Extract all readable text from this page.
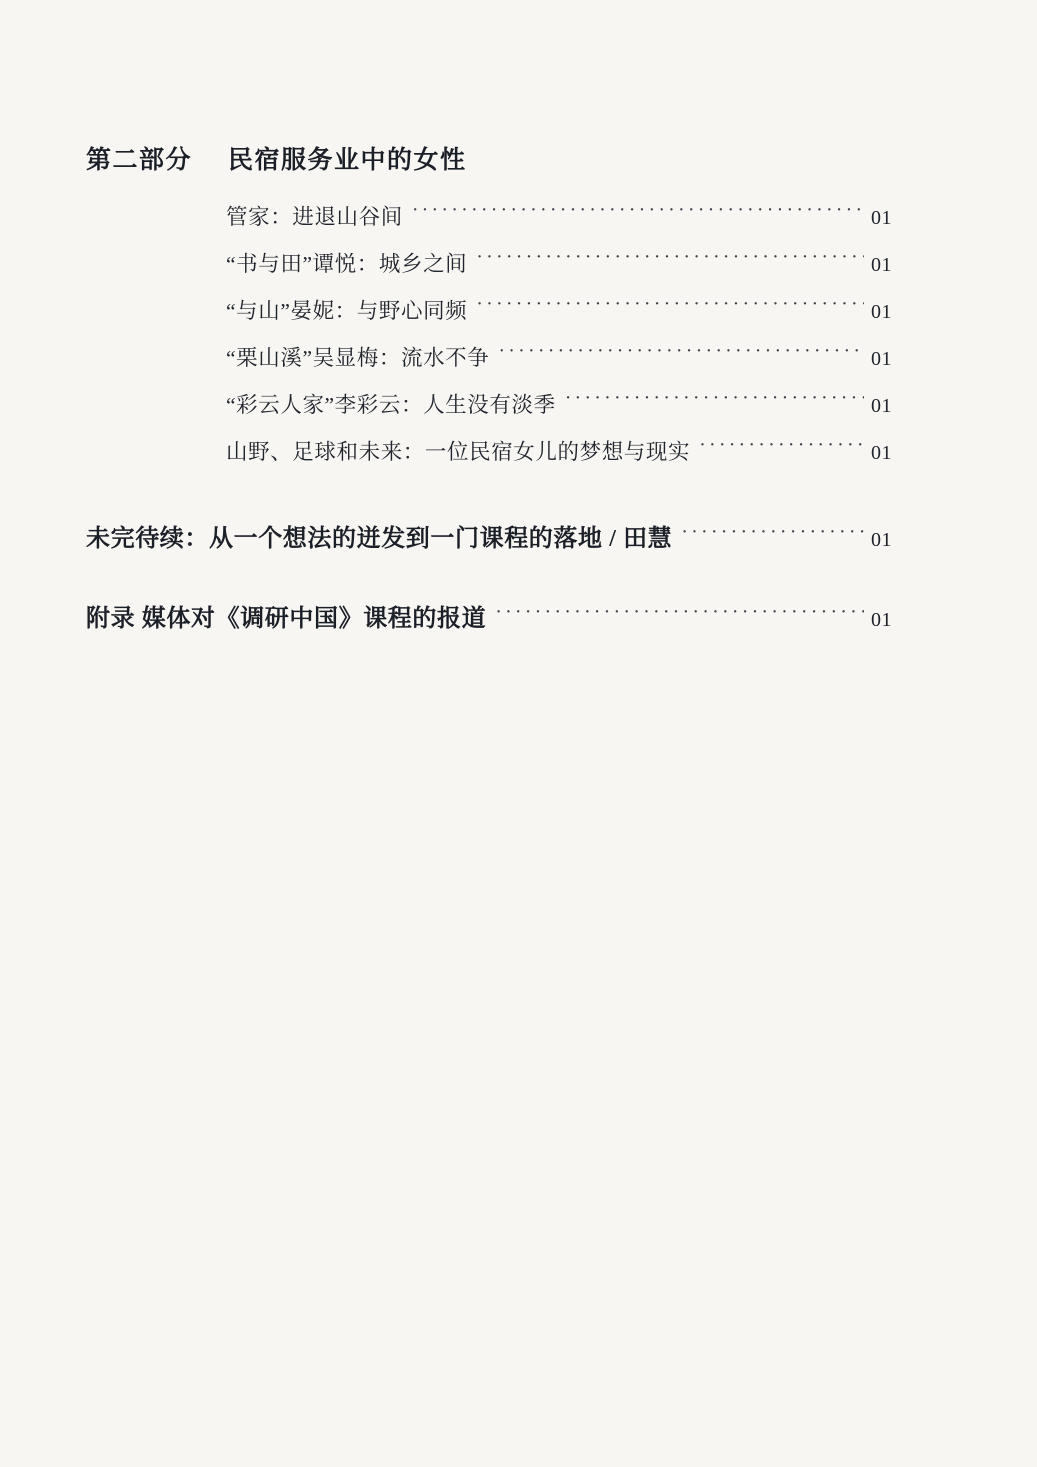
第二部分 民宿服务业中的女性
管家：进退山谷间 ·····	01
“书与田”谭悦：城乡之间 ·····	01
“与山”晏妮：与野心同频 ·····	01
“栗山溪”吴显梅：流水不争 ·····	01
“彩云人家”李彩云：人生没有淡季 ·····	01
山野、足球和未来：一位民宿女儿的梦想与现实 ·····	01
未完待续：从一个想法的迸发到一门课程的落地 / 田慧 ·····	01
附录 媒体对《调研中国》课程的报道 ·····	01
